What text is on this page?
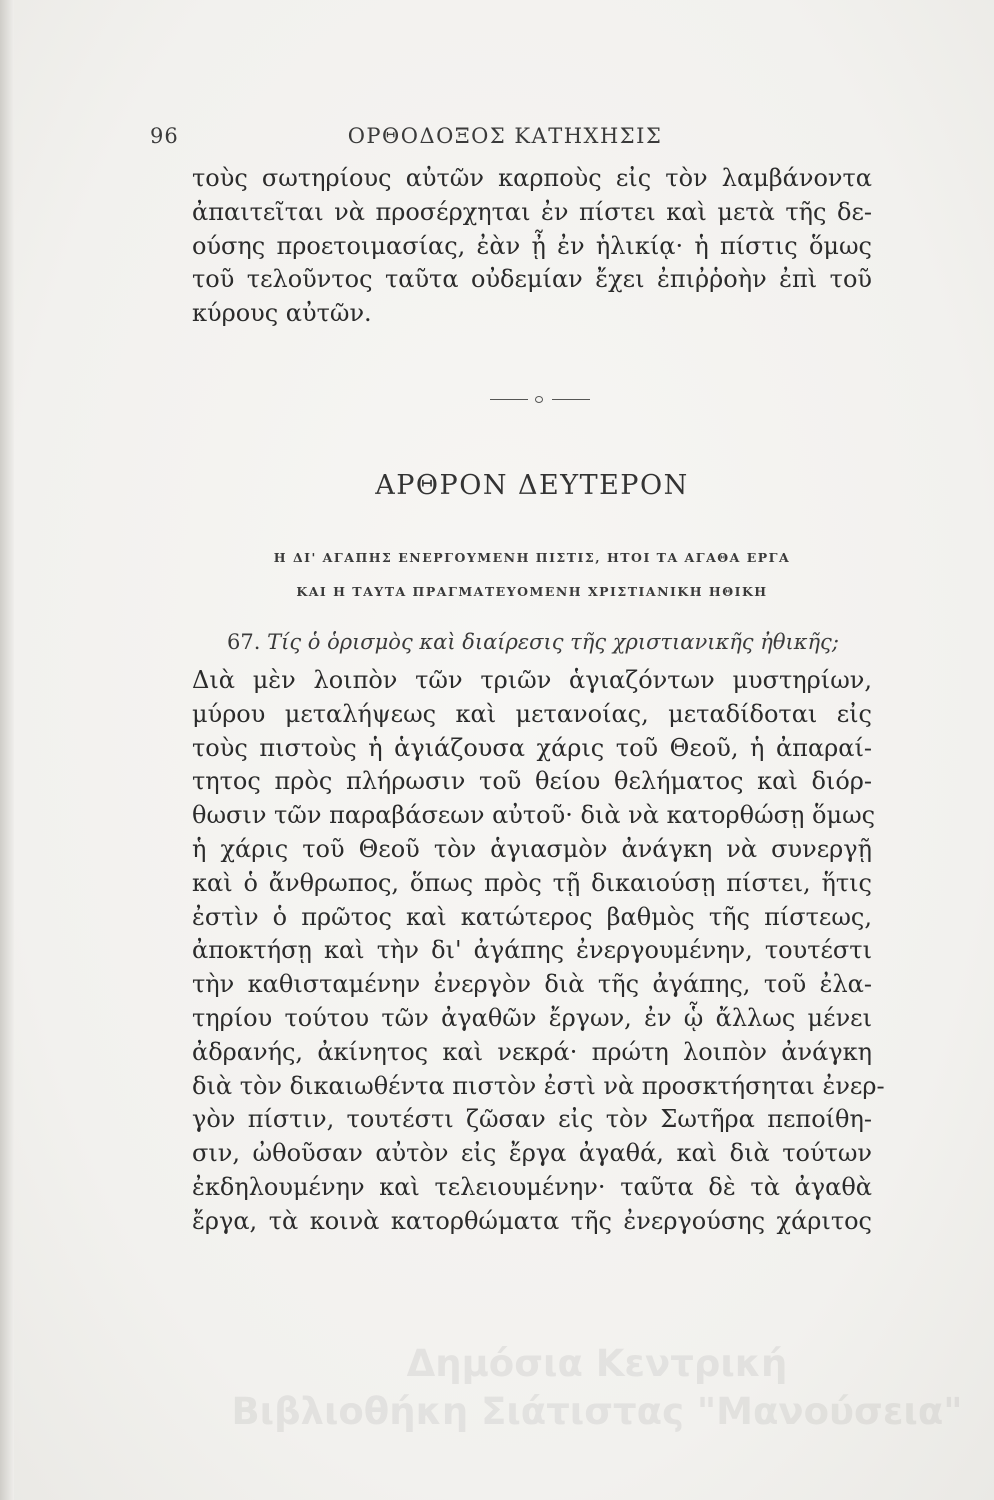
96	ΟΡΘΟΔΟΞΟΣ ΚΑΤΗΧΗΣΙΣ
τοὺς σωτηρίους αὐτῶν καρποὺς εἰς τὸν λαμβάνοντα
ἀπαιτεῖται νὰ προσέρχηται ἐν πίστει καὶ μετὰ τῆς δε-
ούσης προετοιμασίας, ἐὰν ᾖ ἐν ἡλικίᾳ· ἡ πίστις ὅμως
τοῦ τελοῦντος ταῦτα οὐδεμίαν ἔχει ἐπιῤῥοὴν ἐπὶ τοῦ
κύρους αὐτῶν.
ΑΡΘΡΟΝ ΔΕΥΤΕΡΟΝ
Η ΔΙ' ΑΓΑΠΗΣ ΕΝΕΡΓΟΥΜΕΝΗ ΠΙΣΤΙΣ, ΗΤΟΙ ΤΑ ΑΓΑΘΑ ΕΡΓΑ
ΚΑΙ Η ΤΑΥΤΑ ΠΡΑΓΜΑΤΕΥΟΜΕΝΗ ΧΡΙΣΤΙΑΝΙΚΗ ΗΘΙΚΗ
67. Τίς ὁ ὁρισμὸς καὶ διαίρεσις τῆς χριστιανικῆς ἠθικῆς;
Διὰ μὲν λοιπὸν τῶν τριῶν ἁγιαζόντων μυστηρίων,
μύρου μεταλήψεως καὶ μετανοίας, μεταδίδοται εἰς
τοὺς πιστοὺς ἡ ἁγιάζουσα χάρις τοῦ Θεοῦ, ἡ ἀπαραί-
τητος πρὸς πλήρωσιν τοῦ θείου θελήματος καὶ διόρ-
θωσιν τῶν παραβάσεων αὐτοῦ· διὰ νὰ κατορθώσῃ ὅμως
ἡ χάρις τοῦ Θεοῦ τὸν ἁγιασμὸν ἀνάγκη νὰ συνεργῇ
καὶ ὁ ἄνθρωπος, ὅπως πρὸς τῇ δικαιούσῃ πίστει, ἥτις
ἐστὶν ὁ πρῶτος καὶ κατώτερος βαθμὸς τῆς πίστεως,
ἀποκτήσῃ καὶ τὴν δι' ἀγάπης ἐνεργουμένην, τουτέστι
τὴν καθισταμένην ἐνεργὸν διὰ τῆς ἀγάπης, τοῦ ἐλα-
τηρίου τούτου τῶν ἀγαθῶν ἔργων, ἐν ᾧ ἄλλως μένει
ἀδρανής, ἀκίνητος καὶ νεκρά· πρώτη λοιπὸν ἀνάγκη
διὰ τὸν δικαιωθέντα πιστὸν ἐστὶ νὰ προσκτήσηται ἐνερ-
γὸν πίστιν, τουτέστι ζῶσαν εἰς τὸν Σωτῆρα πεποίθη-
σιν, ὠθοῦσαν αὐτὸν εἰς ἔργα ἀγαθά, καὶ διὰ τούτων
ἐκδηλουμένην καὶ τελειουμένην· ταῦτα δὲ τὰ ἀγαθὰ
ἔργα, τὰ κοινὰ κατορθώματα τῆς ἐνεργούσης χάριτος
Δημόσια Κεντρική
Βιβλιοθήκη Σιάτιστας "Μανούσεια"
